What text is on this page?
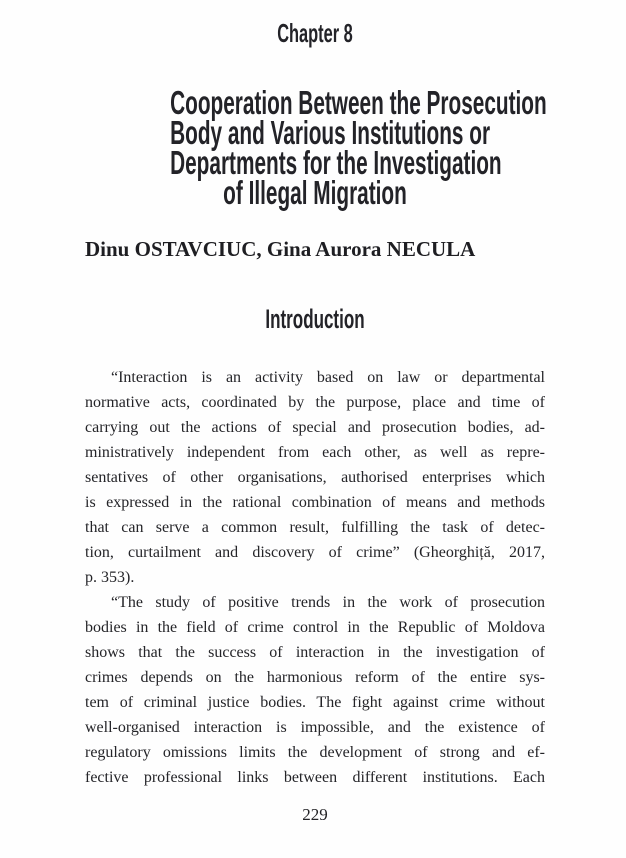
Chapter 8
Cooperation Between the Prosecution
Body and Various Institutions or
Departments for the Investigation
of Illegal Migration
Dinu OSTAVCIUC, Gina Aurora NECULA
Introduction
“Interaction is an activity based on law or departmental
normative acts, coordinated by the purpose, place and time of
carrying out the actions of special and prosecution bodies, ad-
ministratively independent from each other, as well as repre-
sentatives of other organisations, authorised enterprises which
is expressed in the rational combination of means and methods
that can serve a common result, fulfilling the task of detec-
tion, curtailment and discovery of crime” (Gheorghiță, 2017,
p. 353).
“The study of positive trends in the work of prosecution
bodies in the field of crime control in the Republic of Moldova
shows that the success of interaction in the investigation of
crimes depends on the harmonious reform of the entire sys-
tem of criminal justice bodies. The fight against crime without
well-organised interaction is impossible, and the existence of
regulatory omissions limits the development of strong and ef-
fective professional links between different institutions. Each
229
